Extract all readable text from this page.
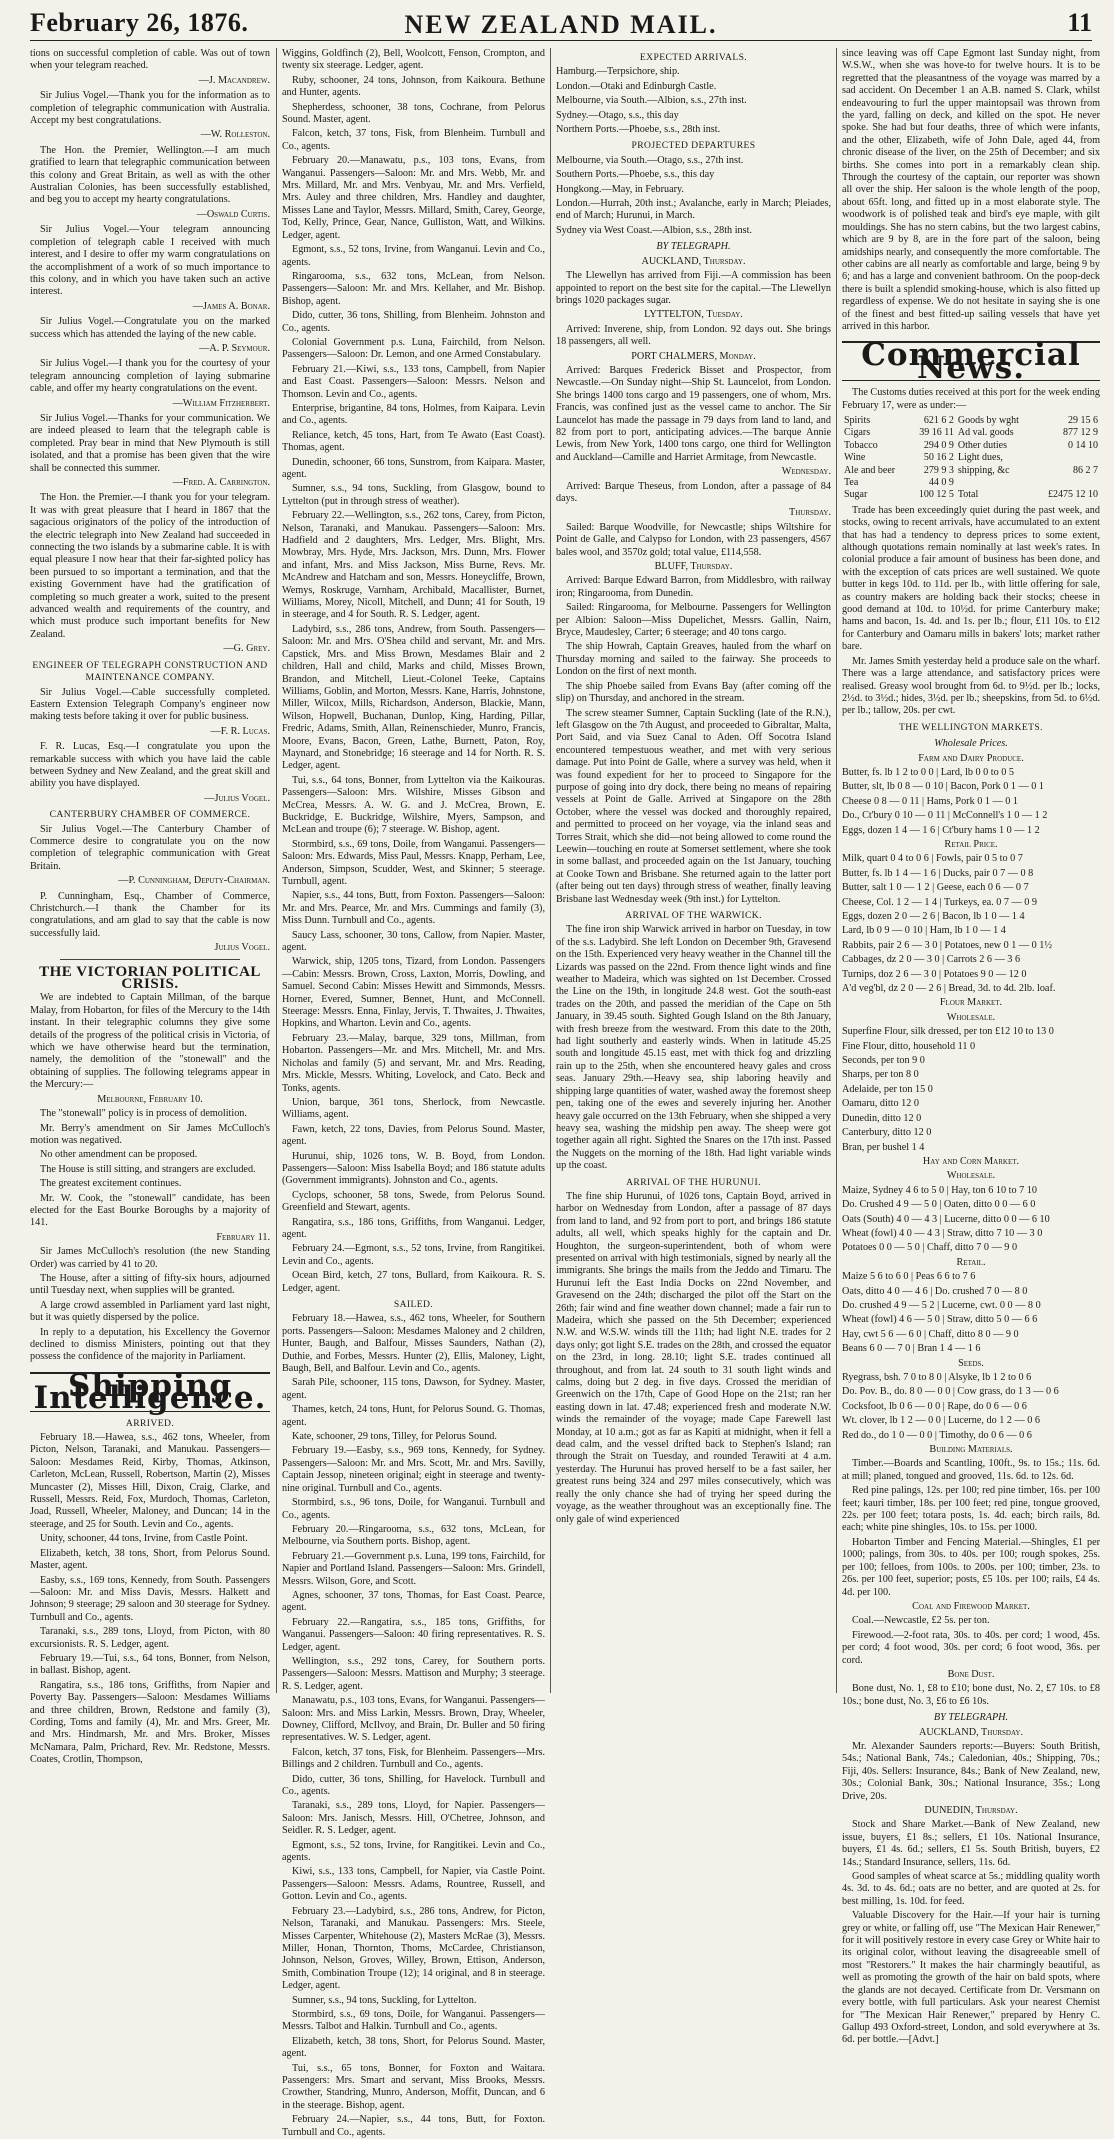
February 26, 1876.	NEW ZEALAND MAIL.	11

tions on successful completion of cable. Was out of town when your telegram reached.

—J. Macandrew.

Sir Julius Vogel.—Thank you for the information as to completion of telegraphic communication with Australia. Accept my best congratulations.

—W. Rolleston.

The Hon. the Premier, Wellington.—I am much gratified to learn that telegraphic communication between this colony and Great Britain, as well as with the other Australian Colonies, has been successfully established, and beg you to accept my hearty congratulations.

—Oswald Curtis.

Sir Julius Vogel.—Your telegram announcing completion of telegraph cable I received with much interest, and I desire to offer my warm congratulations on the accomplishment of a work of so much importance to this colony, and in which you have taken such an active interest.

—James A. Bonar.

Sir Julius Vogel.—Congratulate you on the marked success which has attended the laying of the new cable.

—A. P. Seymour.

Sir Julius Vogel.—I thank you for the courtesy of your telegram announcing completion of laying submarine cable, and offer my hearty congratulations on the event.

—William Fitzherbert.

Sir Julius Vogel.—Thanks for your communication. We are indeed pleased to learn that the telegraph cable is completed. Pray bear in mind that New Plymouth is still isolated, and that a promise has been given that the wire shall be connected this summer.

—Fred. A. Carrington.

The Hon. the Premier.—I thank you for your telegram. It was with great pleasure that I heard in 1867 that the sagacious originators of the policy of the introduction of the electric telegraph into New Zealand had succeeded in connecting the two islands by a submarine cable. It is with equal pleasure I now hear that their far-sighted policy has been pursued to so important a termination, and that the existing Government have had the gratification of completing so much greater a work, suited to the present advanced wealth and requirements of the country, and which must produce such important benefits for New Zealand.

—G. Grey.

ENGINEER OF TELEGRAPH CONSTRUCTION AND MAINTENANCE COMPANY.

Sir Julius Vogel.—Cable successfully completed. Eastern Extension Telegraph Company's engineer now making tests before taking it over for public business.

—F. R. Lucas.

F. R. Lucas, Esq.—I congratulate you upon the remarkable success with which you have laid the cable between Sydney and New Zealand, and the great skill and ability you have displayed.

—Julius Vogel.

CANTERBURY CHAMBER OF COMMERCE.

Sir Julius Vogel.—The Canterbury Chamber of Commerce desire to congratulate you on the now completion of telegraphic communication with Great Britain.

—P. Cunningham, Deputy-Chairman.

P. Cunningham, Esq., Chamber of Commerce, Christchurch.—I thank the Chamber for its congratulations, and am glad to say that the cable is now successfully laid.

Julius Vogel.

THE VICTORIAN POLITICAL CRISIS.

We are indebted to Captain Millman, of the barque Malay, from Hobarton, for files of the Mercury to the 14th instant. In their telegraphic columns they give some details of the progress of the political crisis in Victoria, of which we have otherwise heard but the termination, namely, the demolition of the "stonewall" and the obtaining of supplies. The following telegrams appear in the Mercury:—

Melbourne, February 10.

The "stonewall" policy is in process of demolition.

Mr. Berry's amendment on Sir James McCulloch's motion was negatived.

No other amendment can be proposed.

The House is still sitting, and strangers are excluded.

The greatest excitement continues.

Mr. W. Cook, the "stonewall" candidate, has been elected for the East Bourke Boroughs by a majority of 141.

February 11.

Sir James McCulloch's resolution (the new Standing Order) was carried by 41 to 20.

The House, after a sitting of fifty-six hours, adjourned until Tuesday next, when supplies will be granted.

A large crowd assembled in Parliament yard last night, but it was quietly dispersed by the police.

In reply to a deputation, his Excellency the Governor declined to dismiss Ministers, pointing out that they possess the confidence of the majority in Parliament.

Shipping Intelligence.

ARRIVED.

February 18.—Hawea, s.s., 462 tons, Wheeler, from Picton, Nelson, Taranaki, and Manukau. Passengers—Saloon: Mesdames Reid, Kirby, Thomas, Atkinson, Carleton, McLean, Russell, Robertson, Martin (2), Misses Muncaster (2), Misses Hill, Dixon, Craig, Clarke, and Russell, Messrs. Reid, Fox, Murdoch, Thomas, Carleton, Joad, Russell, Wheeler, Maloney, and Duncan; 14 in the steerage, and 25 for South. Levin and Co., agents.

Unity, schooner, 44 tons, Irvine, from Castle Point.

Elizabeth, ketch, 38 tons, Short, from Pelorus Sound. Master, agent.

Easby, s.s., 169 tons, Kennedy, from South. Passengers—Saloon: Mr. and Miss Davis, Messrs. Halkett and Johnson; 9 steerage; 29 saloon and 30 steerage for Sydney. Turnbull and Co., agents.

Taranaki, s.s., 289 tons, Lloyd, from Picton, with 80 excursionists. R. S. Ledger, agent.

February 19.—Tui, s.s., 64 tons, Bonner, from Nelson, in ballast. Bishop, agent.

Rangatira, s.s., 186 tons, Griffiths, from Napier and Poverty Bay. Passengers—Saloon: Mesdames Williams and three children, Brown, Redstone and family (3), Cording, Toms and family (4), Mr. and Mrs. Greer, Mr. and Mrs. Hindmarsh, Mr. and Mrs. Broker, Misses McNamara, Palm, Prichard, Rev. Mr. Redstone, Messrs. Coates, Crotlin, Thompson,

Wiggins, Goldfinch (2), Bell, Woolcott, Fenson, Crompton, and twenty six steerage. Ledger, agent.

Ruby, schooner, 24 tons, Johnson, from Kaikoura. Bethune and Hunter, agents.

Shepherdess, schooner, 38 tons, Cochrane, from Pelorus Sound. Master, agent.

Falcon, ketch, 37 tons, Fisk, from Blenheim. Turnbull and Co., agents.

February 20.—Manawatu, p.s., 103 tons, Evans, from Wanganui. Passengers—Saloon: Mr. and Mrs. Webb, Mr. and Mrs. Millard, Mr. and Mrs. Venbyau, Mr. and Mrs. Verfield, Mrs. Auley and three children, Mrs. Handley and daughter, Misses Lane and Taylor, Messrs. Millard, Smith, Carey, George, Tod, Kelly, Prince, Gear, Nance, Gulliston, Watt, and Wilkins. Ledger, agent.

Egmont, s.s., 52 tons, Irvine, from Wanganui. Levin and Co., agents.

Ringarooma, s.s., 632 tons, McLean, from Nelson. Passengers—Saloon: Mr. and Mrs. Kellaher, and Mr. Bishop. Bishop, agent.

Dido, cutter, 36 tons, Shilling, from Blenheim. Johnston and Co., agents.

Colonial Government p.s. Luna, Fairchild, from Nelson. Passengers—Saloon: Dr. Lemon, and one Armed Constabulary.

February 21.—Kiwi, s.s., 133 tons, Campbell, from Napier and East Coast. Passengers—Saloon: Messrs. Nelson and Thomson. Levin and Co., agents.

Enterprise, brigantine, 84 tons, Holmes, from Kaipara. Levin and Co., agents.

Reliance, ketch, 45 tons, Hart, from Te Awato (East Coast). Thomas, agent.

Dunedin, schooner, 66 tons, Sunstrom, from Kaipara. Master, agent.

Sumner, s.s., 94 tons, Suckling, from Glasgow, bound to Lyttelton (put in through stress of weather).

February 22.—Wellington, s.s., 262 tons, Carey, from Picton, Nelson, Taranaki, and Manukau. Passengers—Saloon: Mrs. Hadfield and 2 daughters, Mrs. Ledger, Mrs. Blight, Mrs. Mowbray, Mrs. Hyde, Mrs. Jackson, Mrs. Dunn, Mrs. Flower and infant, Mrs. and Miss Jackson, Miss Burne, Revs. Mr. McAndrew and Hatcham and son, Messrs. Honeycliffe, Brown, Wemys, Roskruge, Varnham, Archibald, Macallister, Burnet, Williams, Morey, Nicoll, Mitchell, and Dunn; 41 for South, 19 in steerage, and 4 for South. R. S. Ledger, agent.

Ladybird, s.s., 286 tons, Andrew, from South. Passengers—Saloon: Mr. and Mrs. O'Shea child and servant, Mr. and Mrs. Capstick, Mrs. and Miss Brown, Mesdames Blair and 2 children, Hall and child, Marks and child, Misses Brown, Brandon, and Mitchell, Lieut.-Colonel Teeke, Captains Williams, Goblin, and Morton, Messrs. Kane, Harris, Johnstone, Miller, Wilcox, Mills, Richardson, Anderson, Blackie, Mann, Wilson, Hopwell, Buchanan, Dunlop, King, Harding, Pillar, Fredric, Adams, Smith, Allan, Reinenschieder, Munro, Francis, Moore, Evans, Bacon, Green, Lathe, Burnett, Paton, Roy, Maynard, and Stonebridge; 16 steerage and 14 for North. R. S. Ledger, agent.

Tui, s.s., 64 tons, Bonner, from Lyttelton via the Kaikouras. Passengers—Saloon: Mrs. Wilshire, Misses Gibson and McCrea, Messrs. A. W. G. and J. McCrea, Brown, E. Buckridge, E. Buckridge, Wilshire, Myers, Sampson, and McLean and troupe (6); 7 steerage. W. Bishop, agent.

Stormbird, s.s., 69 tons, Doile, from Wanganui. Passengers—Saloon: Mrs. Edwards, Miss Paul, Messrs. Knapp, Perham, Lee, Anderson, Simpson, Scudder, West, and Skinner; 5 steerage. Turnbull, agent.

Napier, s.s., 44 tons, Butt, from Foxton. Passengers—Saloon: Mr. and Mrs. Pearce, Mr. and Mrs. Cummings and family (3), Miss Dunn. Turnbull and Co., agents.

Saucy Lass, schooner, 30 tons, Callow, from Napier. Master, agent.

Warwick, ship, 1205 tons, Tizard, from London. Passengers—Cabin: Messrs. Brown, Cross, Laxton, Morris, Dowling, and Samuel. Second Cabin: Misses Hewitt and Simmonds, Messrs. Horner, Evered, Sumner, Bennet, Hunt, and McConnell. Steerage: Messrs. Enna, Finlay, Jervis, T. Thwaites, J. Thwaites, Hopkins, and Wharton. Levin and Co., agents.

February 23.—Malay, barque, 329 tons, Millman, from Hobarton. Passengers—Mr. and Mrs. Mitchell, Mr. and Mrs. Nicholas and family (5) and servant, Mr. and Mrs. Reading, Mrs. Mickle, Messrs. Whiting, Lovelock, and Cato. Beck and Tonks, agents.

Union, barque, 361 tons, Sherlock, from Newcastle. Williams, agent.

Fawn, ketch, 22 tons, Davies, from Pelorus Sound. Master, agent.

Hurunui, ship, 1026 tons, W. B. Boyd, from London. Passengers—Saloon: Miss Isabella Boyd; and 186 statute adults (Government immigrants). Johnston and Co., agents.

Cyclops, schooner, 58 tons, Swede, from Pelorus Sound. Greenfield and Stewart, agents.

Rangatira, s.s., 186 tons, Griffiths, from Wanganui. Ledger, agent.

February 24.—Egmont, s.s., 52 tons, Irvine, from Rangitikei. Levin and Co., agents.

Ocean Bird, ketch, 27 tons, Bullard, from Kaikoura. R. S. Ledger, agent.

SAILED.

February 18.—Hawea, s.s., 462 tons, Wheeler, for Southern ports. Passengers—Saloon: Mesdames Maloney and 2 children, Hunter, Baugh, and Balfour, Misses Saunders, Nathan (2), Duthie, and Forbes, Messrs. Hunter (2), Ellis, Maloney, Light, Baugh, Bell, and Balfour. Levin and Co., agents.

Sarah Pile, schooner, 115 tons, Dawson, for Sydney. Master, agent.

Thames, ketch, 24 tons, Hunt, for Pelorus Sound. G. Thomas, agent.

Kate, schooner, 29 tons, Tilley, for Pelorus Sound.

February 19.—Easby, s.s., 969 tons, Kennedy, for Sydney. Passengers—Saloon: Mr. and Mrs. Scott, Mr. and Mrs. Savilly, Captain Jessop, nineteen original; eight in steerage and twenty-nine original. Turnbull and Co., agents.

Stormbird, s.s., 96 tons, Doile, for Wanganui. Turnbull and Co., agents.

February 20.—Ringarooma, s.s., 632 tons, McLean, for Melbourne, via Southern ports. Bishop, agent.

February 21.—Government p.s. Luna, 199 tons, Fairchild, for Napier and Portland Island. Passengers—Saloon: Mrs. Grindell, Messrs. Wilson, Gore, and Scott.

Agnes, schooner, 37 tons, Thomas, for East Coast. Pearce, agent.

February 22.—Rangatira, s.s., 185 tons, Griffiths, for Wanganui. Passengers—Saloon: 40 firing representatives. R. S. Ledger, agent.

Wellington, s.s., 292 tons, Carey, for Southern ports. Passengers—Saloon: Messrs. Mattison and Murphy; 3 steerage. R. S. Ledger, agent.

Manawatu, p.s., 103 tons, Evans, for Wanganui. Passengers—Saloon: Mrs. and Miss Larkin, Messrs. Brown, Dray, Wheeler, Downey, Clifford, McIlvoy, and Brain, Dr. Buller and 50 firing representatives. W. S. Ledger, agent.

Falcon, ketch, 37 tons, Fisk, for Blenheim. Passengers—Mrs. Billings and 2 children. Turnbull and Co., agents.

Dido, cutter, 36 tons, Shilling, for Havelock. Turnbull and Co., agents.

Taranaki, s.s., 289 tons, Lloyd, for Napier. Passengers—Saloon: Mrs. Janisch, Messrs. Hill, O'Chetree, Johnson, and Seidler. R. S. Ledger, agent.

Egmont, s.s., 52 tons, Irvine, for Rangitikei. Levin and Co., agents.

Kiwi, s.s., 133 tons, Campbell, for Napier, via Castle Point. Passengers—Saloon: Messrs. Adams, Rountree, Russell, and Gotton. Levin and Co., agents.

February 23.—Ladybird, s.s., 286 tons, Andrew, for Picton, Nelson, Taranaki, and Manukau. Passengers: Mrs. Steele, Misses Carpenter, Whitehouse (2), Masters McRae (3), Messrs. Miller, Honan, Thornton, Thoms, McCardee, Christianson, Johnson, Nelson, Groves, Willey, Brown, Ettison, Anderson, Smith, Combination Troupe (12); 14 original, and 8 in steerage. Ledger, agent.

Sumner, s.s., 94 tons, Suckling, for Lyttelton.

Stormbird, s.s., 69 tons, Doile, for Wanganui. Passengers—Messrs. Talbot and Halkin. Turnbull and Co., agents.

Elizabeth, ketch, 38 tons, Short, for Pelorus Sound. Master, agent.

Tui, s.s., 65 tons, Bonner, for Foxton and Waitara. Passengers: Mrs. Smart and servant, Miss Brooks, Messrs. Crowther, Standring, Munro, Anderson, Moffit, Duncan, and 6 in the steerage. Bishop, agent.

February 24.—Napier, s.s., 44 tons, Butt, for Foxton. Turnbull and Co., agents.

EXPECTED ARRIVALS.

Hamburg.—Terpsichore, ship.

London.—Otaki and Edinburgh Castle.

Melbourne, via South.—Albion, s.s., 27th inst.

Sydney.—Otago, s.s., this day

Northern Ports.—Phoebe, s.s., 28th inst.

PROJECTED DEPARTURES

Melbourne, via South.—Otago, s.s., 27th inst.

Southern Ports.—Phoebe, s.s., this day

Hongkong.—May, in February.

London.—Hurrah, 20th inst.; Avalanche, early in March; Pleiades, end of March; Hurunui, in March.

Sydney via West Coast.—Albion, s.s., 28th inst.

BY TELEGRAPH.

AUCKLAND, Thursday.

The Llewellyn has arrived from Fiji.—A commission has been appointed to report on the best site for the capital.—The Llewellyn brings 1020 packages sugar.

LYTTELTON, Tuesday.

Arrived: Inverene, ship, from London. 92 days out. She brings 18 passengers, all well.

PORT CHALMERS, Monday.

Arrived: Barques Frederick Bisset and Prospector, from Newcastle.—On Sunday night—Ship St. Launcelot, from London. She brings 1400 tons cargo and 19 passengers, one of whom, Mrs. Francis, was confined just as the vessel came to anchor. The Sir Launcelot has made the passage in 79 days from land to land, and 82 from port to port, anticipating advices.—The barque Annie Lewis, from New York, 1400 tons cargo, one third for Wellington and Auckland—Camille and Harriet Armitage, from Newcastle.

Wednesday.

Arrived: Barque Theseus, from London, after a passage of 84 days.

Thursday.

Sailed: Barque Woodville, for Newcastle; ships Wiltshire for Point de Galle, and Calypso for London, with 23 passengers, 4567 bales wool, and 3570z gold; total value, £114,558.

BLUFF, Thursday.

Arrived: Barque Edward Barron, from Middlesbro, with railway iron; Ringarooma, from Dunedin.

Sailed: Ringarooma, for Melbourne. Passengers for Wellington per Albion: Saloon—Miss Dupelichet, Messrs. Gallin, Nairn, Bryce, Maudesley, Carter; 6 steerage; and 40 tons cargo.

The ship Howrah, Captain Greaves, hauled from the wharf on Thursday morning and sailed to the fairway. She proceeds to London on the first of next month.

The ship Phoebe sailed from Evans Bay (after coming off the slip) on Thursday, and anchored in the stream.

The screw steamer Sumner, Captain Suckling (late of the R.N.), left Glasgow on the 7th August, and proceeded to Gibraltar, Malta, Port Said, and via Suez Canal to Aden. Off Socotra Island encountered tempestuous weather, and met with very serious damage. Put into Point de Galle, where a survey was held, when it was found expedient for her to proceed to Singapore for the purpose of going into dry dock, there being no means of repairing vessels at Point de Galle. Arrived at Singapore on the 28th October, where the vessel was docked and thoroughly repaired, and permitted to proceed on her voyage, via the inland seas and Torres Strait, which she did—not being allowed to come round the Leewin—touching en route at Somerset settlement, where she took in some ballast, and proceeded again on the 1st January, touching at Cooke Town and Brisbane. She returned again to the latter port (after being out ten days) through stress of weather, finally leaving Brisbane last Wednesday week (9th inst.) for Lyttelton.

ARRIVAL OF THE WARWICK.

The fine iron ship Warwick arrived in harbor on Tuesday, in tow of the s.s. Ladybird. She left London on December 9th, Gravesend on the 15th. Experienced very heavy weather in the Channel till the Lizards was passed on the 22nd. From thence light winds and fine weather to Madeira, which was sighted on 1st December. Crossed the Line on the 19th, in longitude 24.8 west. Got the south-east trades on the 20th, and passed the meridian of the Cape on 5th January, in 39.45 south. Sighted Gough Island on the 8th January, with fresh breeze from the westward. From this date to the 20th, had light southerly and easterly winds. When in latitude 45.25 south and longitude 45.15 east, met with thick fog and drizzling rain up to the 25th, when she encountered heavy gales and cross seas. January 29th.—Heavy sea, ship laboring heavily and shipping large quantities of water, washed away the foremost sheep pen, taking one of the ewes and severely injuring her. Another heavy gale occurred on the 13th February, when she shipped a very heavy sea, washing the midship pen away. The sheep were got together again all right. Sighted the Snares on the 17th inst. Passed the Nuggets on the morning of the 18th. Had light variable winds up the coast.

ARRIVAL OF THE HURUNUI.

The fine ship Hurunui, of 1026 tons, Captain Boyd, arrived in harbor on Wednesday from London, after a passage of 87 days from land to land, and 92 from port to port, and brings 186 statute adults, all well, which speaks highly for the captain and Dr. Houghton, the surgeon-superintendent, both of whom were presented on arrival with high testimonials, signed by nearly all the immigrants. She brings the mails from the Jeddo and Timaru. The Hurunui left the East India Docks on 22nd November, and Gravesend on the 24th; discharged the pilot off the Start on the 26th; fair wind and fine weather down channel; made a fair run to Madeira, which she passed on the 5th December; experienced N.W. and W.S.W. winds till the 11th; had light N.E. trades for 2 days only; got light S.E. trades on the 28th, and crossed the equator on the 23rd, in long. 28.10; light S.E. trades continued all throughout, and from lat. 24 south to 31 south light winds and calms, doing but 2 deg. in five days. Crossed the meridian of Greenwich on the 17th, Cape of Good Hope on the 21st; ran her easting down in lat. 47.48; experienced fresh and moderate N.W. winds the remainder of the voyage; made Cape Farewell last Monday, at 10 a.m.; got as far as Kapiti at midnight, when it fell a dead calm, and the vessel drifted back to Stephen's Island; ran through the Strait on Tuesday, and rounded Terawiti at 4 a.m. yesterday. The Hurunui has proved herself to be a fast sailer, her greatest runs being 324 and 297 miles consecutively, which was really the only chance she had of trying her speed during the voyage, as the weather throughout was an exceptionally fine. The only gale of wind experienced

since leaving was off Cape Egmont last Sunday night, from W.S.W., when she was hove-to for twelve hours. It is to be regretted that the pleasantness of the voyage was marred by a sad accident. On December 1 an A.B. named S. Clark, whilst endeavouring to furl the upper maintopsail was thrown from the yard, falling on deck, and killed on the spot. He never spoke. She had but four deaths, three of which were infants, and the other, Elizabeth, wife of John Dale, aged 44, from chronic disease of the liver, on the 25th of December; and six births. She comes into port in a remarkably clean ship. Through the courtesy of the captain, our reporter was shown all over the ship. Her saloon is the whole length of the poop, about 65ft. long, and fitted up in a most elaborate style. The woodwork is of polished teak and bird's eye maple, with gilt mouldings. She has no stern cabins, but the two largest cabins, which are 9 by 8, are in the fore part of the saloon, being amidships nearly, and consequently the more comfortable. The other cabins are all nearly as comfortable and large, being 9 by 6; and has a large and convenient bathroom. On the poop-deck there is built a splendid smoking-house, which is also fitted up regardless of expense. We do not hesitate in saying she is one of the finest and best fitted-up sailing vessels that have yet arrived in this harbor.

Commercial News.

The Customs duties received at this port for the week ending February 17, were as under:—

Spirits	621 6 2	Goods by wght	29 15 6
Cigars	39 16 11	Ad val. goods	877 12 9
Tobacco	294 0 9	Other duties	0 14 10
Wine	50 16 2	Light dues,	
Ale and beer	279 9 3	shipping, &c	86 2 7
Tea	44 0 9		
Sugar	100 12 5	Total	£2475 12 10

Trade has been exceedingly quiet during the past week, and stocks, owing to recent arrivals, have accumulated to an extent that has had a tendency to depress prices to some extent, although quotations remain nominally at last week's rates. In colonial produce a fair amount of business has been done, and with the exception of cats prices are well sustained. We quote butter in kegs 10d. to 11d. per lb., with little offering for sale, as country makers are holding back their stocks; cheese in good demand at 10d. to 10½d. for prime Canterbury make; hams and bacon, 1s. 4d. and 1s. per lb.; flour, £11 10s. to £12 for Canterbury and Oamaru mills in bakers' lots; market rather bare.

Mr. James Smith yesterday held a produce sale on the wharf. There was a large attendance, and satisfactory prices were realised. Greasy wool brought from 6d. to 9½d. per lb.; locks, 2½d. to 3½d.; hides, 3½d. per lb.; sheepskins, from 5d. to 6½d. per lb.; tallow, 20s. per cwt.

THE WELLINGTON MARKETS.

Wholesale Prices.

Farm and Dairy Produce.

Butter, fs. lb 1 2 to 0 0 | Lard, lb 0 0 to 0 5

Butter, slt, lb 0 8 — 0 10 | Bacon, Pork 0 1 — 0 1

Cheese 0 8 — 0 11 | Hams, Pork 0 1 — 0 1

Do., Ct'bury 0 10 — 0 11 | McConnell's 1 0 — 1 2

Eggs, dozen 1 4 — 1 6 | Ct'bury hams 1 0 — 1 2

Retail Price.

Milk, quart 0 4 to 0 6 | Fowls, pair 0 5 to 0 7

Butter, fs. lb 1 4 — 1 6 | Ducks, pair 0 7 — 0 8

Butter, salt 1 0 — 1 2 | Geese, each 0 6 — 0 7

Cheese, Col. 1 2 — 1 4 | Turkeys, ea. 0 7 — 0 9

Eggs, dozen 2 0 — 2 6 | Bacon, lb 1 0 — 1 4

Lard, lb 0 9 — 0 10 | Ham, lb 1 0 — 1 4

Rabbits, pair 2 6 — 3 0 | Potatoes, new 0 1 — 0 1½

Cabbages, dz 2 0 — 3 0 | Carrots 2 6 — 3 6

Turnips, doz 2 6 — 3 0 | Potatoes 9 0 — 12 0

A'd veg'bl, dz 2 0 — 2 6 | Bread, 3d. to 4d. 2lb. loaf.

Flour Market.

Wholesale.

Superfine Flour, silk dressed, per ton £12 10 to 13 0

Fine Flour, ditto, household 11 0

Seconds, per ton 9 0

Sharps, per ton 8 0

Adelaide, per ton 15 0

Oamaru, ditto 12 0

Dunedin, ditto 12 0

Canterbury, ditto 12 0

Bran, per bushel 1 4

Hay and Corn Market.

Wholesale.

Maize, Sydney 4 6 to 5 0 | Hay, ton 6 10 to 7 10

Do. Crushed 4 9 — 5 0 | Oaten, ditto 0 0 — 6 0

Oats (South) 4 0 — 4 3 | Lucerne, ditto 0 0 — 6 10

Wheat (fowl) 4 0 — 4 3 | Straw, ditto 7 10 — 3 0

Potatoes 0 0 — 5 0 | Chaff, ditto 7 0 — 9 0

Retail.

Maize 5 6 to 6 0 | Peas 6 6 to 7 6

Oats, ditto 4 0 — 4 6 | Do. crushed 7 0 — 8 0

Do. crushed 4 9 — 5 2 | Lucerne, cwt. 0 0 — 8 0

Wheat (fowl) 4 6 — 5 0 | Straw, ditto 5 0 — 6 6

Hay, cwt 5 6 — 6 0 | Chaff, ditto 8 0 — 9 0

Beans 6 0 — 7 0 | Bran 1 4 — 1 6

Seeds.

Ryegrass, bsh. 7 0 to 8 0 | Alsyke, lb 1 2 to 0 6

Do. Pov. B., do. 8 0 — 0 0 | Cow grass, do 1 3 — 0 6

Cocksfoot, lb 0 6 — 0 0 | Rape, do 0 6 — 0 6

Wt. clover, lb 1 2 — 0 0 | Lucerne, do 1 2 — 0 6

Red do., do 1 0 — 0 0 | Timothy, do 0 6 — 0 6

Building Materials.

Timber.—Boards and Scantling, 100ft., 9s. to 15s.; 11s. 6d. at mill; planed, tongued and grooved, 11s. 6d. to 12s. 6d.

Red pine palings, 12s. per 100; red pine timber, 16s. per 100 feet; kauri timber, 18s. per 100 feet; red pine, tongue grooved, 22s. per 100 feet; totara posts, 1s. 4d. each; birch rails, 8d. each; white pine shingles, 10s. to 15s. per 1000.

Hobarton Timber and Fencing Material.—Shingles, £1 per 1000; palings, from 30s. to 40s. per 100; rough spokes, 25s. per 100; felloes, from 100s. to 200s. per 100; timber, 23s. to 26s. per 100 feet, superior; posts, £5 10s. per 100; rails, £4 4s. 4d. per 100.

Coal and Firewood Market.

Coal.—Newcastle, £2 5s. per ton.

Firewood.—2-foot rata, 30s. to 40s. per cord; 1 wood, 45s. per cord; 4 foot wood, 30s. per cord; 6 foot wood, 36s. per cord.

Bone Dust.

Bone dust, No. 1, £8 to £10; bone dust, No. 2, £7 10s. to £8 10s.; bone dust, No. 3, £6 to £6 10s.

BY TELEGRAPH.

AUCKLAND, Thursday.

Mr. Alexander Saunders reports:—Buyers: South British, 54s.; National Bank, 74s.; Caledonian, 40s.; Shipping, 70s.; Fiji, 40s. Sellers: Insurance, 84s.; Bank of New Zealand, new, 30s.; Colonial Bank, 30s.; National Insurance, 35s.; Long Drive, 20s.

DUNEDIN, Thursday.

Stock and Share Market.—Bank of New Zealand, new issue, buyers, £1 8s.; sellers, £1 10s. National Insurance, buyers, £1 4s. 6d.; sellers, £1 5s. South British, buyers, £2 14s.; Standard Insurance, sellers, 11s. 6d.

Good samples of wheat scarce at 5s.; middling quality worth 4s. 3d. to 4s. 6d.; oats are no better, and are quoted at 2s. for best milling, 1s. 10d. for feed.

Valuable Discovery for the Hair.—If your hair is turning grey or white, or falling off, use "The Mexican Hair Renewer," for it will positively restore in every case Grey or White hair to its original color, without leaving the disagreeable smell of most "Restorers." It makes the hair charmingly beautiful, as well as promoting the growth of the hair on bald spots, where the glands are not decayed. Certificate from Dr. Versmann on every bottle, with full particulars. Ask your nearest Chemist for "The Mexican Hair Renewer," prepared by Henry C. Gallup 493 Oxford-street, London, and sold everywhere at 3s. 6d. per bottle.—[Advt.]
